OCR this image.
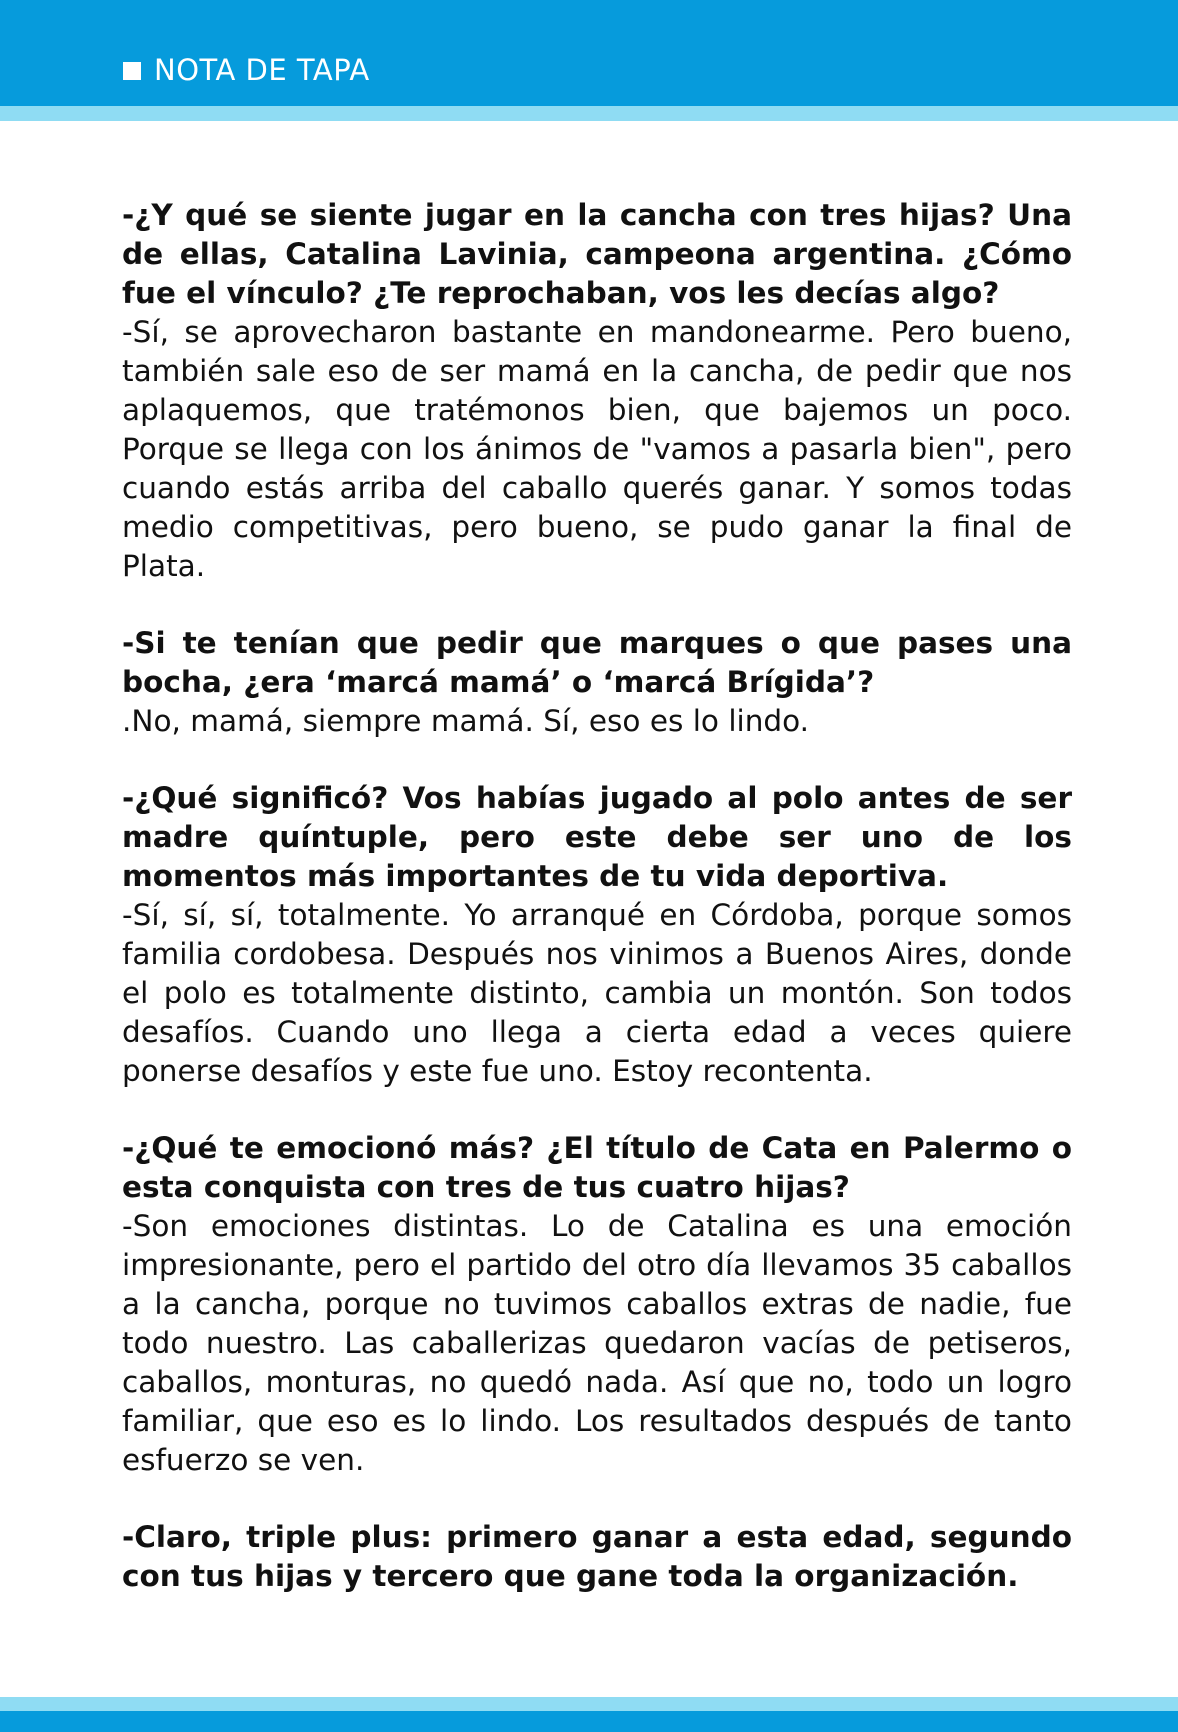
NOTA DE TAPA

-¿Y qué se siente jugar en la cancha con tres hijas? Una de ellas, Catalina Lavinia, campeona argentina. ¿Cómo fue el vínculo? ¿Te reprochaban, vos les decías algo?

-Sí, se aprovecharon bastante en mandonearme. Pero bueno, también sale eso de ser mamá en la cancha, de pedir que nos aplaquemos, que tratémonos bien, que bajemos un poco. Porque se llega con los ánimos de "vamos a pasarla bien", pero cuando estás arriba del caballo querés ganar. Y somos todas medio competitivas, pero bueno, se pudo ganar la final de Plata.

-Si te tenían que pedir que marques o que pases una bocha, ¿era ‘marcá mamá’ o ‘marcá Brígida’?

.No, mamá, siempre mamá. Sí, eso es lo lindo.

-¿Qué significó? Vos habías jugado al polo antes de ser madre quíntuple, pero este debe ser uno de los momentos más importantes de tu vida deportiva.

-Sí, sí, sí, totalmente. Yo arranqué en Córdoba, porque somos familia cordobesa. Después nos vinimos a Buenos Aires, donde el polo es totalmente distinto, cambia un montón. Son todos desafíos. Cuando uno llega a cierta edad a veces quiere ponerse desafíos y este fue uno. Estoy recontenta.

-¿Qué te emocionó más? ¿El título de Cata en Palermo o esta conquista con tres de tus cuatro hijas?

-Son emociones distintas. Lo de Catalina es una emoción impresionante, pero el partido del otro día llevamos 35 caballos a la cancha, porque no tuvimos caballos extras de nadie, fue todo nuestro. Las caballerizas quedaron vacías de petiseros, caballos, monturas, no quedó nada. Así que no, todo un logro familiar, que eso es lo lindo. Los resultados después de tanto esfuerzo se ven.

-Claro, triple plus: primero ganar a esta edad, segundo con tus hijas y tercero que gane toda la organización.
